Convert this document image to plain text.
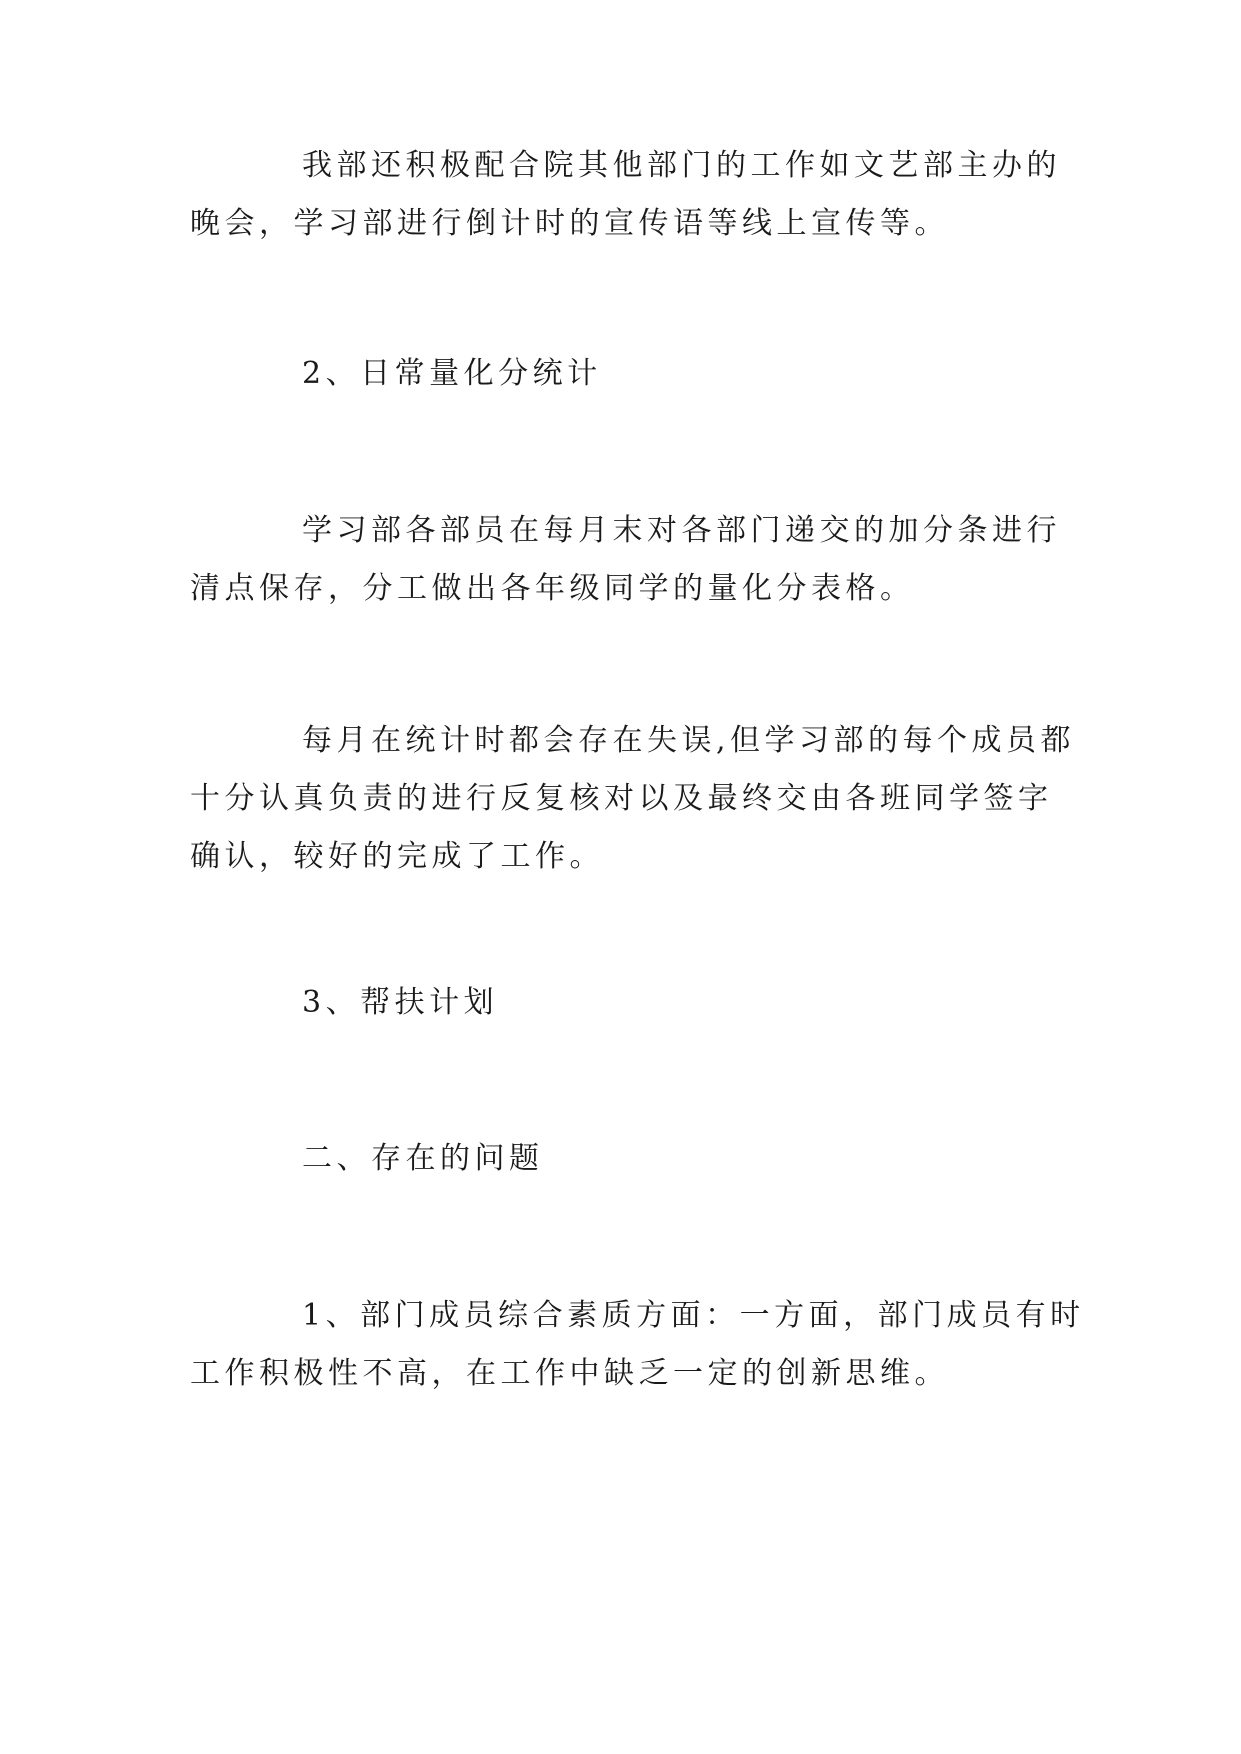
我部还积极配合院其他部门的工作如文艺部主办的
晚会，学习部进行倒计时的宣传语等线上宣传等。

2、日常量化分统计

学习部各部员在每月末对各部门递交的加分条进行
清点保存，分工做出各年级同学的量化分表格。

每月在统计时都会存在失误,但学习部的每个成员都
十分认真负责的进行反复核对以及最终交由各班同学签字
确认，较好的完成了工作。

3、帮扶计划

二、存在的问题

1、部门成员综合素质方面：一方面，部门成员有时
工作积极性不高，在工作中缺乏一定的创新思维。
